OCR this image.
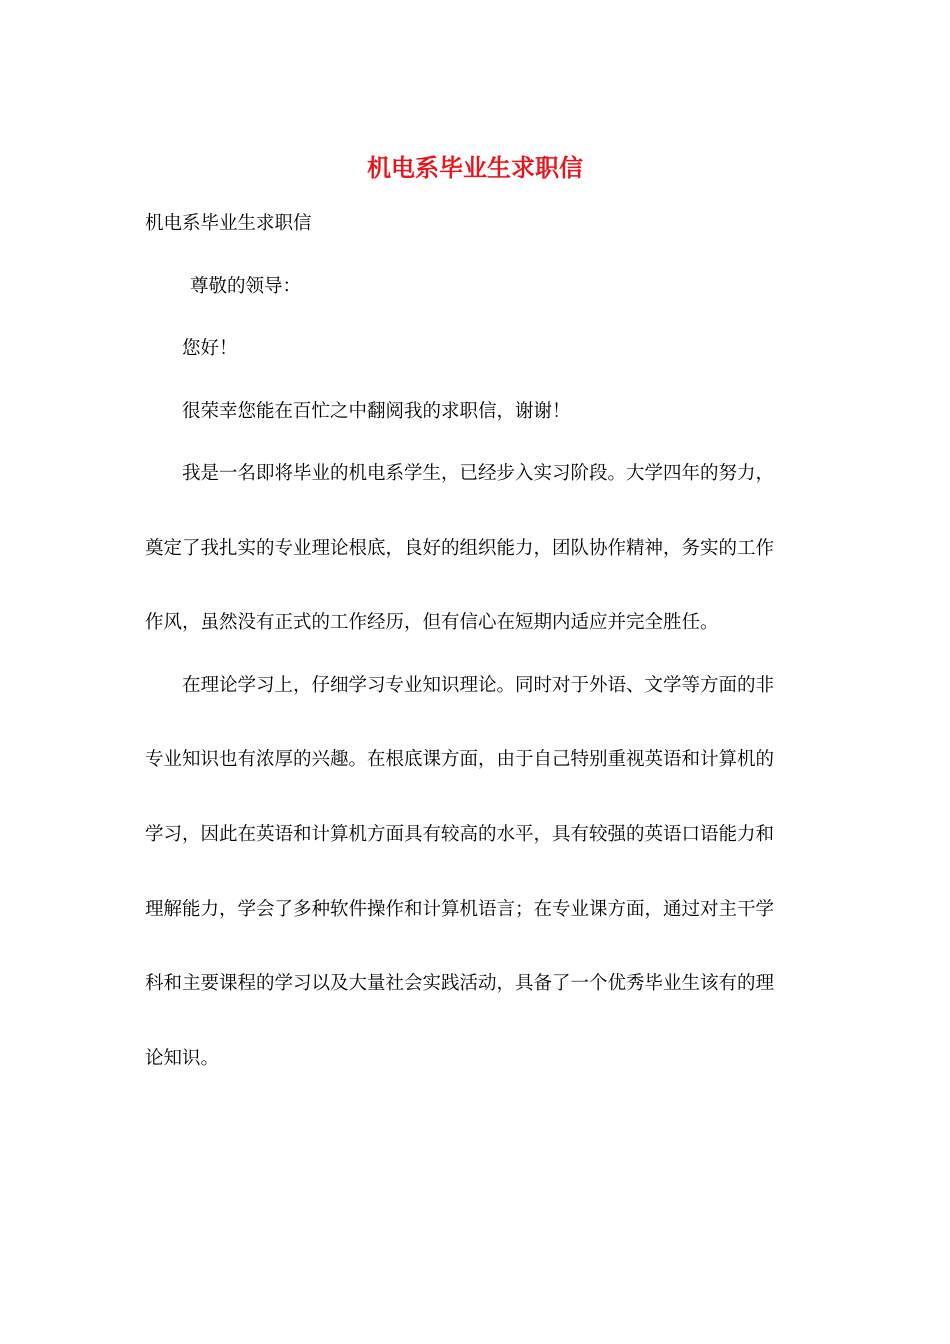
机电系毕业生求职信
机电系毕业生求职信
尊敬的领导：
您好！
很荣幸您能在百忙之中翻阅我的求职信，谢谢！
我是一名即将毕业的机电系学生，已经步入实习阶段。大学四年的努力，
奠定了我扎实的专业理论根底，良好的组织能力，团队协作精神，务实的工作
作风，虽然没有正式的工作经历，但有信心在短期内适应并完全胜任。
在理论学习上，仔细学习专业知识理论。同时对于外语、文学等方面的非
专业知识也有浓厚的兴趣。在根底课方面，由于自己特别重视英语和计算机的
学习，因此在英语和计算机方面具有较高的水平，具有较强的英语口语能力和
理解能力，学会了多种软件操作和计算机语言；在专业课方面，通过对主干学
科和主要课程的学习以及大量社会实践活动，具备了一个优秀毕业生该有的理
论知识。
